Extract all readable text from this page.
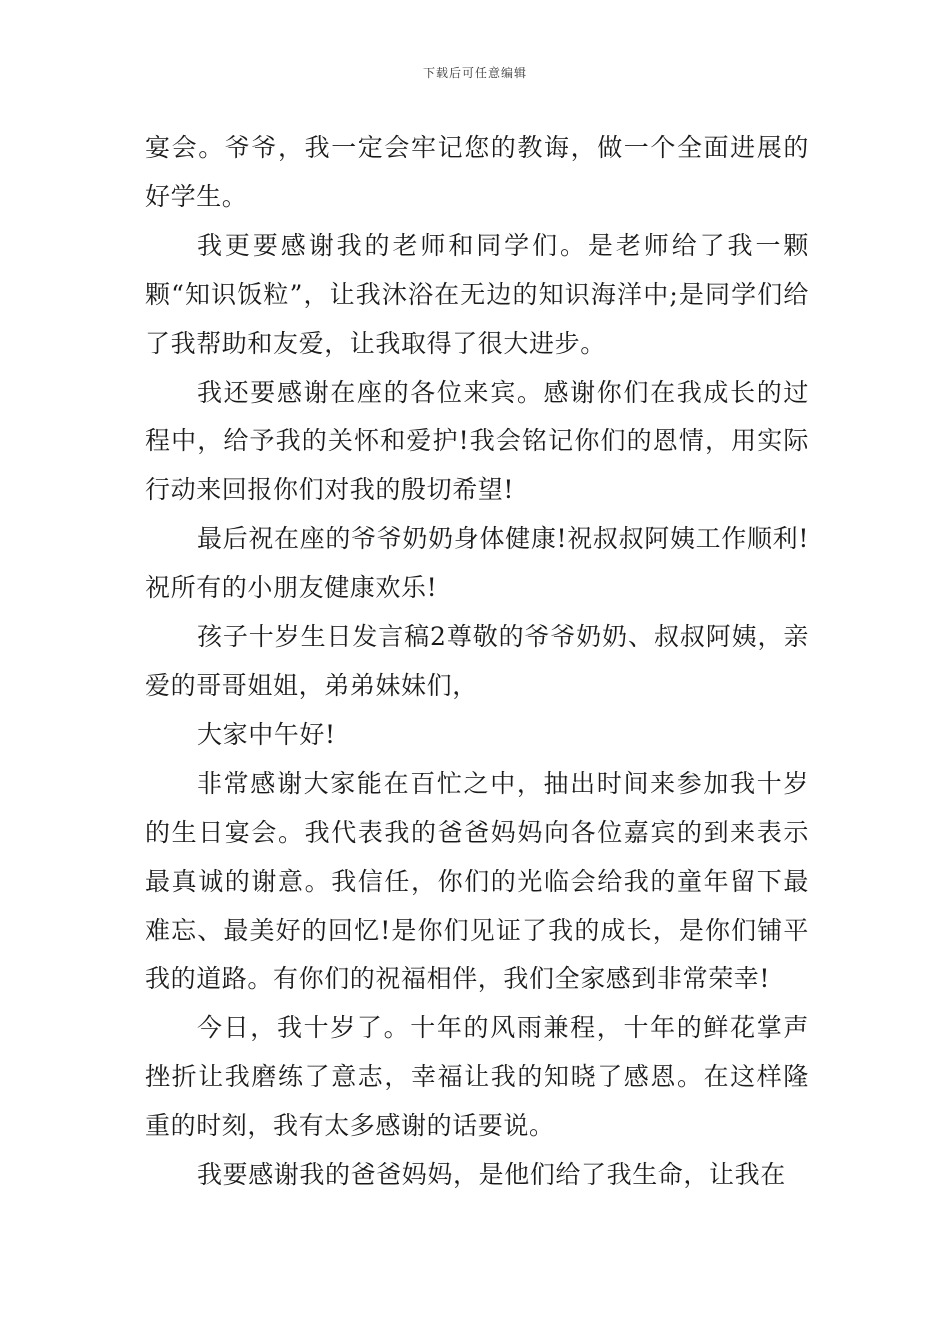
下载后可任意编辑

宴会。爷爷，我一定会牢记您的教诲，做一个全面进展的好学生。

我更要感谢我的老师和同学们。是老师给了我一颗颗“知识饭粒”，让我沐浴在无边的知识海洋中;是同学们给了我帮助和友爱，让我取得了很大进步。

我还要感谢在座的各位来宾。感谢你们在我成长的过程中，给予我的关怀和爱护!我会铭记你们的恩情，用实际行动来回报你们对我的殷切希望!

最后祝在座的爷爷奶奶身体健康!祝叔叔阿姨工作顺利!祝所有的小朋友健康欢乐!

孩子十岁生日发言稿2尊敬的爷爷奶奶、叔叔阿姨，亲爱的哥哥姐姐，弟弟妹妹们，

大家中午好!

非常感谢大家能在百忙之中，抽出时间来参加我十岁的生日宴会。我代表我的爸爸妈妈向各位嘉宾的到来表示最真诚的谢意。我信任，你们的光临会给我的童年留下最难忘、最美好的回忆!是你们见证了我的成长，是你们铺平我的道路。有你们的祝福相伴，我们全家感到非常荣幸!

今日，我十岁了。十年的风雨兼程，十年的鲜花掌声挫折让我磨练了意志，幸福让我的知晓了感恩。在这样隆重的时刻，我有太多感谢的话要说。

我要感谢我的爸爸妈妈，是他们给了我生命，让我在
